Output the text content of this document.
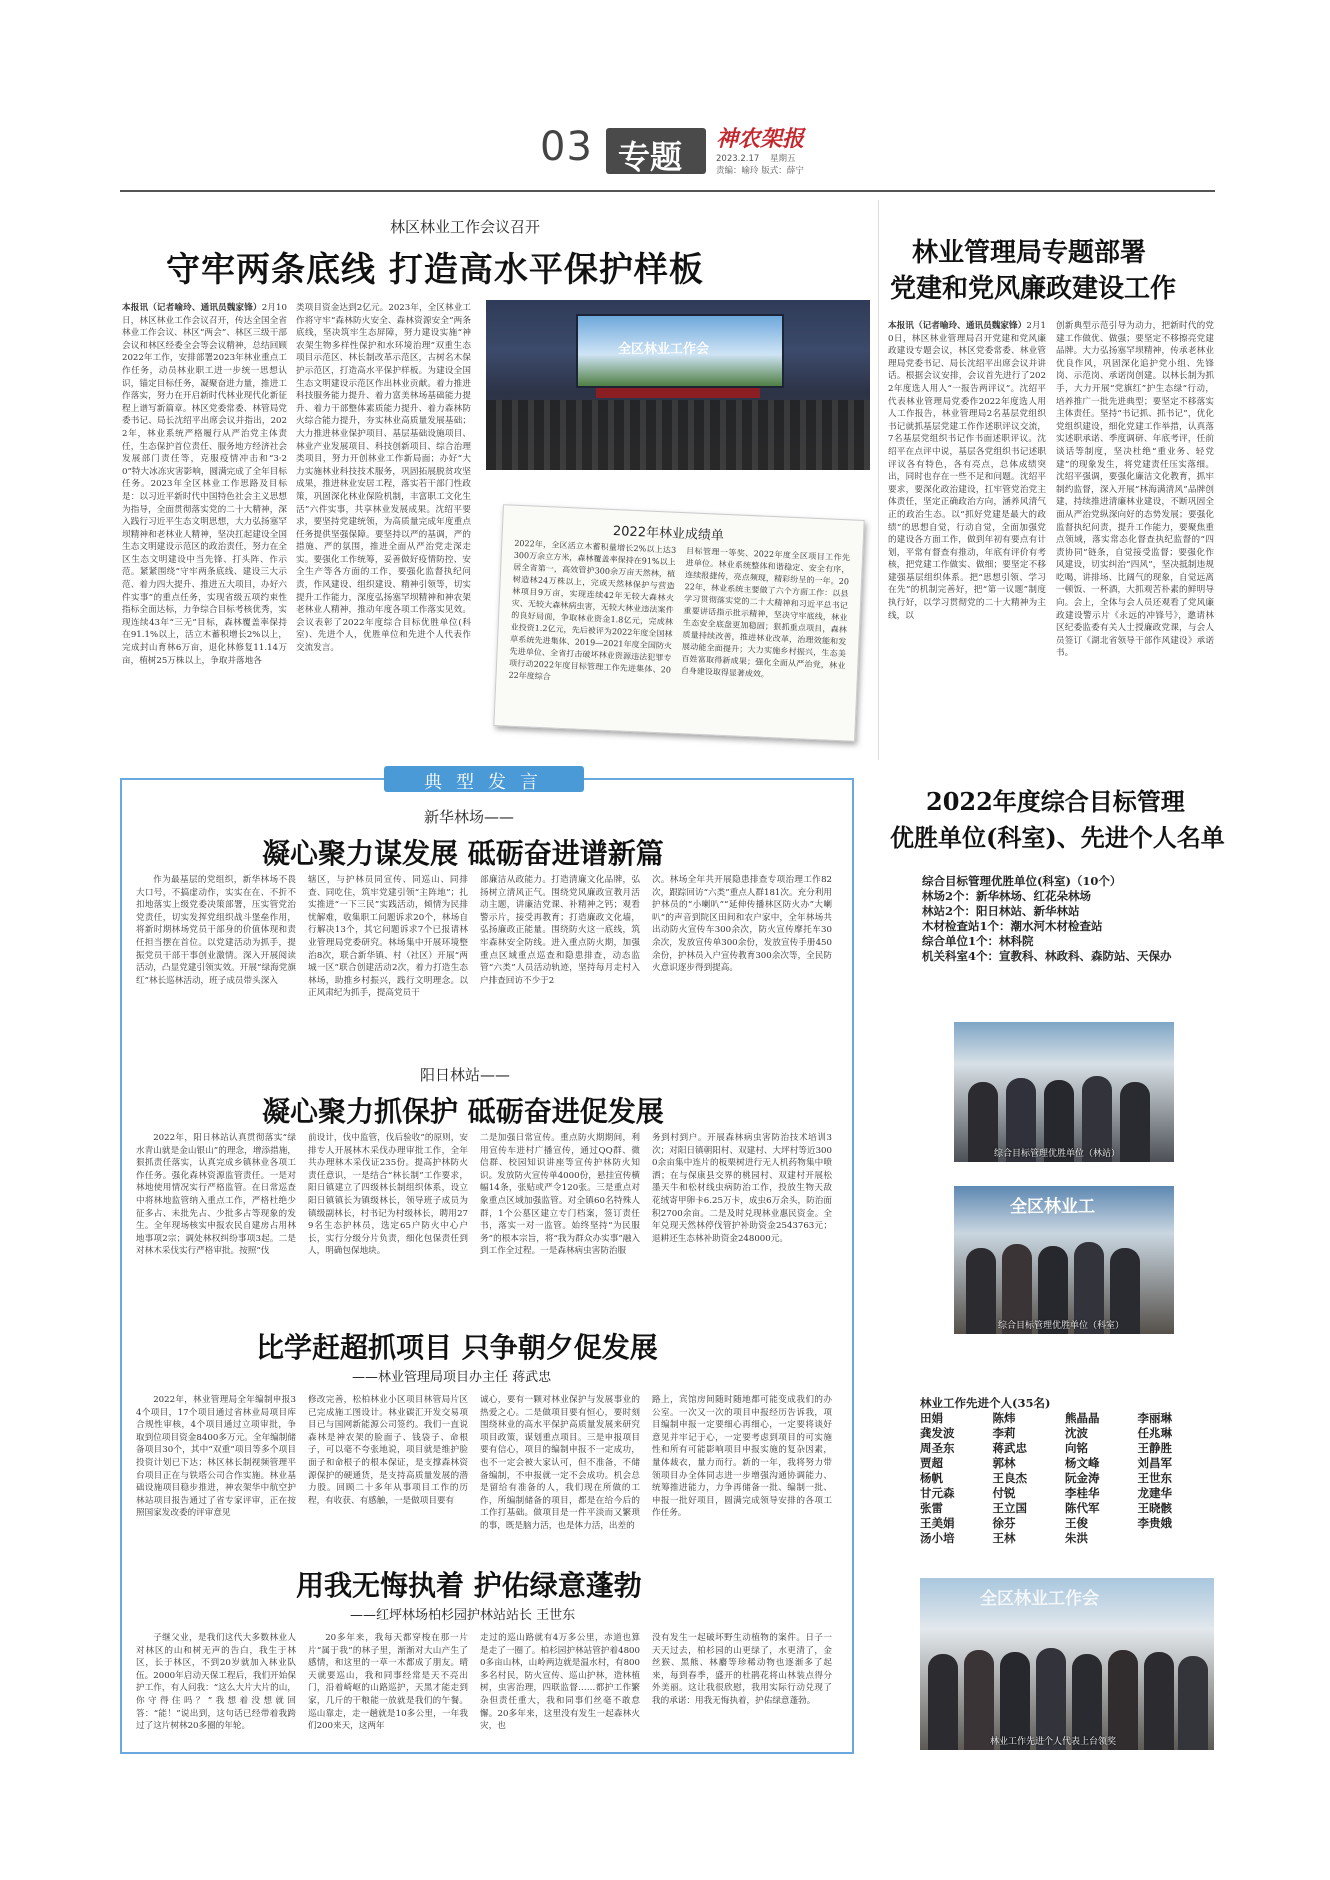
03 专题 神农架报
2023.2.17 星期五
责编：喻玲 版式：薛宁
林区林业工作会议召开
守牢两条底线 打造高水平保护样板
本报讯（记者喻玲、通讯员魏家锋）2月10日，林区林业工作会议召开，传达全国全省林业工作会议、林区“两会”、林区三级干部会议和林区经委全会等会议精神，总结回顾2022年工作，安排部署2023年林业重点工作任务，动员林业职工进一步统一思想认识，锚定目标任务，凝聚奋进力量，推进工作落实，努力在开启新时代林业现代化新征程上谱写新篇章。林区党委常委、林管局党委书记、局长沈绍平出席会议并指出，2022年，林业系统严格履行从严治党主体责任，生态保护首位责任、服务地方经济社会发展部门责任等，克服疫情冲击和“3·20”特大冰冻灾害影响，圆满完成了全年目标任务。2023年全区林业工作思路及目标是：以习近平新时代中国特色社会主义思想为指导，全面贯彻落实党的二十大精神，深入践行习近平生态文明思想，大力弘扬塞罕坝精神和老林业人精神，坚决扛起建设全国生态文明建设示范区的政治责任，努力在全区生态文明建设中当先锋、打头阵、作示范。紧紧围绕“守牢两条底线、建设三大示范、着力四大提升、推进五大项目，办好六件实事”的重点任务，实现省级五项约束性指标全面达标，力争综合目标考核优秀，实现连续43年“三无”目标，森林覆盖率保持在91.1%以上，活立木蓄积增长2%以上，完成封山育林6万亩，退化林修复11.14万亩，植树25万株以上，争取并落地各
类项目资金达到2亿元。2023年，全区林业工作将守牢“森林防火安全、森林资源安全”两条底线，坚决筑牢生态屏障，努力建设实施“神农架生物多样性保护和水环境治理”双重生态项目示范区、林长制改革示范区，古树名木保护示范区，打造高水平保护样板。为建设全国生态文明建设示范区作出林业贡献。着力推进科技服务能力提升、着力富美林场基础能力提升、着力干部整体素质能力提升、着力森林防火综合能力提升，夯实林业高质量发展基础；大力推进林业保护项目、基层基础设施项目、林业产业发展项目、科技创新项目、综合治理类项目，努力开创林业工作新局面；办好“大力实施林业科技技术服务，巩固拓展脱贫攻坚成果，推进林业安居工程，落实若干部门性政策，巩固深化林业保险机制，丰富职工文化生活”六件实事，共享林业发展成果。沈绍平要求，要坚持党建统领，为高质量完成年度重点任务提供坚强保障。要坚持以严的基调，严的措施、严的氛围，推进全面从严治党走深走实。要强化工作统筹，妥善做好疫情防控、安全生产等各方面的工作，要强化监督执纪问责，作风建设、组织建设、精神引领等，切实提升工作能力，深度弘扬塞罕坝精神和神农架老林业人精神，推动年度各项工作落实见效。会议表彰了2022年度综合目标优胜单位(科室)、先进个人，优胜单位和先进个人代表作交流发言。
全区林业工作会
2022年林业成绩单
2022年，全区活立木蓄积量增长2%以上达3300万余立方米，森林覆盖率保持在91%以上居全省第一，高效管护300余万亩天然林，植树造林24万株以上，完成天然林保护与营造林项目9万亩，实现连续42年无较大森林火灾、无较大森林病虫害，无较大林业违法案件的良好局面，争取林业资金1.8亿元，完成林业投资1.2亿元，先后被评为2022年度全国林草系统先进集体、2019—2021年度全国防火先进单位、全省打击破坏林业资源违法犯罪专项行动2022年度目标管理工作先进集体、2022年度综合
目标管理一等奖、2022年度全区项目工作先进单位。林业系统整体和谐稳定、安全有序，连续报捷传，亮点频现，精彩纷呈的一年。2022年，林业系统主要做了六个方面工作：以县学习贯彻落实党的二十大精神和习近平总书记重要讲话指示批示精神，坚决守牢底线，林业生态安全底盘更加稳固；狠抓重点项目，森林质量持续改善，推进林业改革，治理效能和发展动能全面提升；大力实施乡村振兴，生态美百姓富取得新成果；强化全面从严治党，林业自身建设取得显著成效。
林业管理局专题部署
党建和党风廉政建设工作
本报讯（记者喻玲、通讯员魏家锋）2月10日，林区林业管理局召开党建和党风廉政建设专题会议，林区党委常委、林业管理局党委书记、局长沈绍平出席会议并讲话。根据会议安排，会议首先进行了2022年度选人用人“一报告两评议”。沈绍平代表林业管理局党委作2022年度选人用人工作报告，林业管理局2名基层党组织书记就抓基层党建工作作述职评议交流，7名基层党组织书记作书面述职评议。沈绍平在点评中说，基层各党组织书记述职评议各有特色，各有亮点，总体成绩突出，同时也存在一些不足和问题。沈绍平要求，要深化政治建设，扛牢管党治党主体责任，坚定正确政治方向，涵养风清气正的政治生态。以“抓好党建是最大的政绩”的思想自觉，行动自觉，全面加强党的建设各方面工作，做到年初有要点有计划，平常有督查有推动，年底有评价有考核，把党建工作做实、做细；要坚定不移建强基层组织体系。把“思想引领、学习在先”的机制完善好，把“第一议题”制度执行好，以学习贯彻党的二十大精神为主线，以
创新典型示范引导为动力，把新时代的党建工作做优、做强；要坚定不移擦亮党建品牌。大力弘扬塞罕坝精神，传承老林业优良作风，巩固深化追护党小组、先锋岗、示范岗、承诺岗创建。以林长制为抓手，大力开展“党旗红”护生态绿“行动，培养推广一批先进典型；要坚定不移落实主体责任。坚持“书记抓、抓书记”，优化党组织建设，细化党建工作举措，认真落实述职承诺、季度调研、年底考评，任前谈话等制度，坚决杜绝“重业务、轻党建”的现象发生，将党建责任压实落细。沈绍平强调，要强化廉洁文化教育，抓牢制约监督，深入开展“林海满清风”品牌创建，持续推进清廉林业建设，不断巩固全面从严治党纵深向好的态势发展；要强化监督执纪问责，提升工作能力，要聚焦重点领域，落实常态化督查执纪监督的“四责协同”链条，自觉接受监督；要强化作风建设，切实纠治“四风”，坚决抵制违规吃喝，讲排场、比阔气的现象，自觉远离一顿饭、一杯酒，大抓观苦朴素的鲜明导向。会上，全体与会人员还观看了党风廉政建设警示片《永远的冲锋号》，邀请林区纪委监委有关人士授廉政党课，与会人员签订《湖北省领导干部作风建设》承诺书。
典型发言
新华林场——
凝心聚力谋发展 砥砺奋进谱新篇

作为最基层的党组织，新华林场不畏大口号，不搞虚动作，实实在在、不折不扣地落实上级党委决策部署，压实管党治党责任，切实发挥党组织战斗堡垒作用，将新时期林场党员干部身的价值体现和责任担当摆在首位。以党建活动为抓手，提振党员干部干事创业激情。深入开展阅读活动，凸显党建引领实效。开展“绿海党旗红”林长巡林活动，班子成员带头深入

辖区，与护林员同宣传、同巡山、同排查、同吃住，筑牢党建引领“主阵地”；扎实推进“一下三民”实践活动，倾情为民排忧解难，收集职工问题诉求20个，林场自行解决13个，其它问题诉求7个已报请林业管理局党委研究。林场集中开展环境整治8次，联合新华镇、村（社区）开展“两城一区”联合创建活动2次，着力打造生态林场，助推乡村振兴，践行文明理念。以正风肃纪为抓手，提高党员干
部廉洁从政能力。打造清廉文化品牌，弘扬树立清风正气。围绕党风廉政宣教月活动主题，讲廉洁党课、补精神之钙；观看警示片，接受再教育；打造廉政文化墙，弘扬廉政正能量。围绕防火这一底线，筑牢森林安全防线。进入重点防火期，加强重点区域重点巡查和隐患排查，动态监管“六类”人员活动轨迹，坚持每月走村入户排查回访不少于2
次。林场全年共开展隐患排查专项治理工作82次，跟踪回访“六类”重点人群181次。充分利用护林员的“小喇叭”“延伸传播林区防火办”大喇叭”的声音到院区田间和农户家中，全年林场共出动防火宣传车300余次，防火宣传摩托车30余次，发放宣传单300余份，发放宣传手册450余份，护林员入户宣传教育300余次等，全民防火意识逐步得到提高。
阳日林站——
凝心聚力抓保护 砥砺奋进促发展

2022年，阳日林站认真贯彻落实“绿水青山就是金山银山”的理念，增添措施，狠抓责任落实，认真完成乡镇林业各项工作任务。强化森林资源监管责任。一是对林地使用情况实行严格监管。在日常巡查中将林地监管纳入重点工作，严格杜绝少征多占、未批先占、少批多占等现象的发生。全年现场核实申报农民自建房占用林地事项2宗；调处林权纠纷事项3起。二是对林木采伐实行严格审批。按照“伐

前设计，伐中监管，伐后验收”的原则，安排专人开展林木采伐办理审批工作，全年共办理林木采伐证235份。提高护林防火责任意识，一是结合“林长制”工作要求，阳日镇建立了四级林长制组织体系，设立阳日镇镇长为镇级林长，领导班子成员为镇级副林长，村书记为村级林长，聘用279名生态护林员，选定65户防火中心户长，实行分级分片负责，细化包保责任到人，明确包保地块。
二是加强日常宣传。重点防火期期间，利用宣传车进村广播宣传，通过QQ群、微信群、校园知识讲座等宣传护林防火知识。发放防火宣传单4000份，悬挂宣传横幅14条，张贴或严令120张。三是重点对象重点区域加强监管。对全镇60名特殊人群，1个公墓区建立专门档案，签订责任书，落实一对一监管。始终坚持“为民服务”的根本宗旨，将“我为群众办实事”融入到工作全过程。一是森林病虫害防治服
务到村到户。开展森林病虫害防治技术培训3次；对阳日镇朝阳村、双建村、大坪村等近3000余亩集中连片的板栗树进行无人机药物集中喷洒；在与保康县交界的桃园村、双建村开展松墨天牛和松材线虫病防治工作，投放生物天敌花绒寄甲卵卡6.25万卡，成虫6万余头，防治面积2700余亩。二是及时兑现林业惠民资金。全年兑现天然林停伐管护补助资金2543763元；退耕还生态林补助资金248000元。
比学赶超抓项目 只争朝夕促发展
——林业管理局项目办主任 蒋武忠

2022年，林业管理局全年编制申报34个项目，17个项目通过省林业局项目库合规性审核，4个项目通过立项审批，争取到位项目资金8400多万元。全年编制储备项目30个，其中“双重”项目等多个项目投资计划已下达；林区林长制视频管理平台项目正在与铁塔公司合作实施。林业基础设施项目稳步推进，神农架华中航空护林站项目报告通过了省专家评审，正在按照国家发改委的评审意见

修改完善，松柏林业小区项目林管局片区已完成施工图设计。林业碳汇开发交易项目已与国网新能源公司签约。我们一直说森林是神农架的脸面子、钱袋子、命根子，可以毫不夸张地说，项目就是维护脸面子和命根子的根本保证，是支撑森林资源保护的硬通货，是支持高质量发展的潜力股。回顾二十多年从事项目工作的历程，有收获、有感触，一是做项目要有
诚心，要有一颗对林业保护与发展事业的热爱之心。二是做项目要有恒心，要时刻围绕林业的高水平保护高质量发展来研究项目政策，谋划重点项目。三是申报项目要有信心，项目的编制申报不一定成功，也不一定会被大家认可，但不准备，不储备编制，不申报就一定不会成功。机会总是留给有准备的人，我们现在所做的工作，所编制储备的项目，都是在给今后的工作打基础。做项目是一件平淡而又繁琐的事，既是脑力活，也是体力活，出差的
路上，宾馆房间随时随地都可能变成我们的办公室。一次又一次的项目申报经历告诉我，项目编制申报一定要细心再细心，一定要将谈好意见并牢记于心，一定要考虑到项目的可实施性和所有可能影响项目申报实施的复杂因素，量体裁衣，量力而行。新的一年，我将努力带领项目办全体同志进一步增强沟通协调能力、统筹推进能力，力争再储备一批、编制一批、申报一批好项目，圆满完成领导安排的各项工作任务。
用我无悔执着 护佑绿意蓬勃
——红坪林场柏杉园护林站站长 王世东

子继父业，是我们这代大多数林业人对林区的山和树无声的告白，我生于林区，长于林区，不到20岁就加入林业队伍。2000年启动天保工程后，我们开始保护工作，有人问我：“这么大片大片的山，你守得住吗？”我想着没想就回答：“能！”说出到，这句话已经带着我跨过了这片树林20多圈的年轮。

20多年来，我每天都穿梭在那一片片“属于我”的林子里，渐渐对大山产生了感情，和这里的一草一木都成了朋友。晴天就要巡山，我和同事经常是天不亮出门，沿着崎岖的山路巡护，天黑才能走到家，几斤的干粮能一放就是我们的午餐。巡山靠走，走一趟就是10多公里，一年我们200来天，这两年

走过的巡山路就有4万多公里，赤道也算是走了一圈了。柏杉园护林站管护着48000多亩山林，山岭两边就是温水村，有800多名村民，防火宣传、巡山护林，造林植树，虫害治理，四联监督……都护工作繁杂但责任重大，我和同事们丝毫不敢怠懈。20多年来，这里没有发生一起森林火灾，也
没有发生一起破坏野生动植物的案件。日子一天天过去，柏杉园的山更绿了，水更清了，金丝猴、黑熊、林麝等珍稀动物也逐渐多了起来，每到春季，盛开的杜鹃花将山林装点得分外美丽。这让我很欣慰，我用实际行动兑现了我的承诺：用我无悔执着，护佑绿意蓬勃。
2022年度综合目标管理
优胜单位(科室)、先进个人名单
综合目标管理优胜单位(科室)（10个）
林场2个：新华林场、红花朵林场
林站2个：阳日林站、新华林站
木材检查站1个：潮水河木材检查站
综合单位1个：林科院
机关科室4个：宣教科、林政科、森防站、天保办
综合目标管理优胜单位（林站）
全区林业工
综合目标管理优胜单位（科室）
林业工作先进个人(35名)
田娟	陈炜	熊晶晶	李丽琳
龚发波	李莉	沈波	任兆琳
周圣东	蒋武忠	向铭	王静胜
贾超	郭林	杨文峰	刘昌军
杨帆	王良杰	阮金涛	王世东
甘元森	付锐	李桂华	龙建华
张雷	王立国	陈代军	王晓骸
王美娟	徐芬	王俊	李贵娥
汤小培	王林	朱洪
全区林业工作会
林业工作先进个人代表上台领奖
